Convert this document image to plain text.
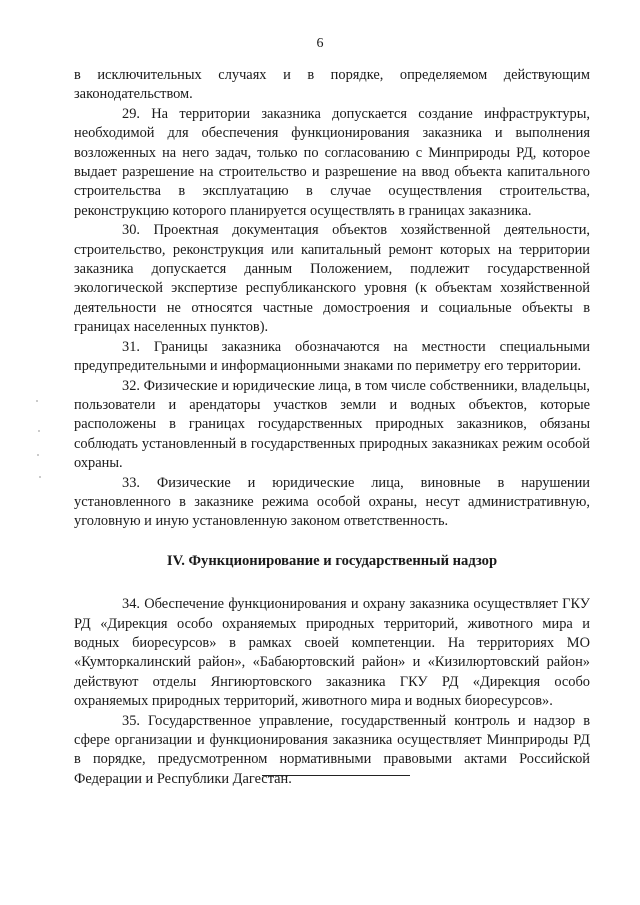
6

в исключительных случаях и в порядке, определяемом действующим законодательством.

29. На территории заказника допускается создание инфраструктуры, необходимой для обеспечения функционирования заказника и выполнения возложенных на него задач, только по согласованию с Минприроды РД, которое выдает разрешение на строительство и разрешение на ввод объекта капитального строительства в эксплуатацию в случае осуществления строительства, реконструкцию которого планируется осуществлять в границах заказника.

30. Проектная документация объектов хозяйственной деятельности, строительство, реконструкция или капитальный ремонт которых на территории заказника допускается данным Положением, подлежит государственной экологической экспертизе республиканского уровня (к объектам хозяйственной деятельности не относятся частные домостроения и социальные объекты в границах населенных пунктов).

31. Границы заказника обозначаются на местности специальными предупредительными и информационными знаками по периметру его территории.

32. Физические и юридические лица, в том числе собственники, владельцы, пользователи и арендаторы участков земли и водных объектов, которые расположены в границах государственных природных заказников, обязаны соблюдать установленный в государственных природных заказниках режим особой охраны.

33. Физические и юридические лица, виновные в нарушении установленного в заказнике режима особой охраны, несут административную, уголовную и иную установленную законом ответственность.

IV. Функционирование и государственный надзор

34. Обеспечение функционирования и охрану заказника осуществляет ГКУ РД «Дирекция особо охраняемых природных территорий, животного мира и водных биоресурсов» в рамках своей компетенции. На территориях МО «Кумторкалинский район», «Бабаюртовский район» и «Кизилюртовский район» действуют отделы Янгиюртовского заказника ГКУ РД «Дирекция особо охраняемых природных территорий, животного мира и водных биоресурсов».

35. Государственное управление, государственный контроль и надзор в сфере организации и функционирования заказника осуществляет Минприроды РД в порядке, предусмотренном нормативными правовыми актами Российской Федерации и Республики Дагестан.
